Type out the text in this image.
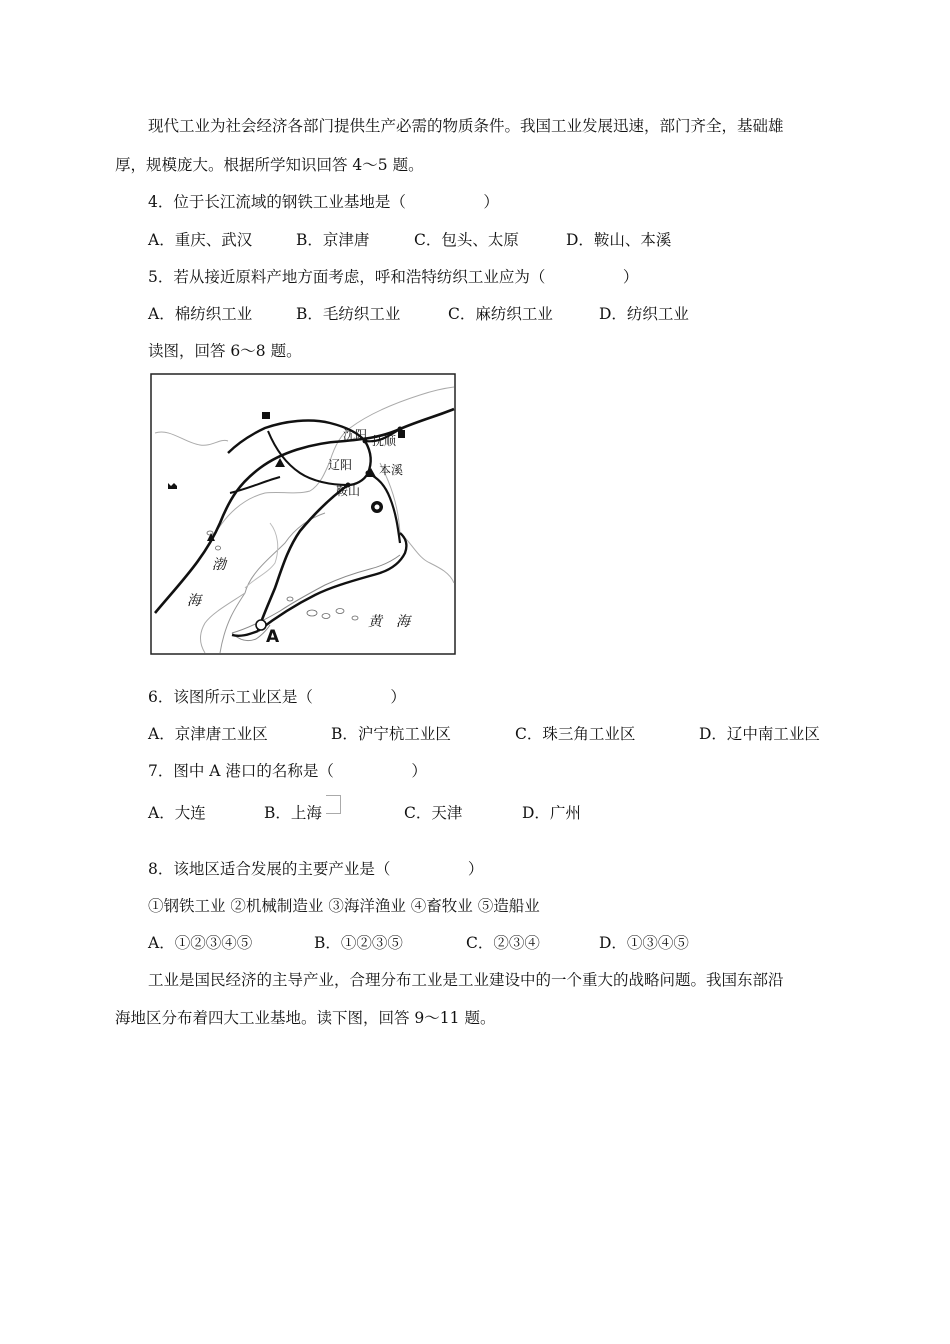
现代工业为社会经济各部门提供生产必需的物质条件。我国工业发展迅速，部门齐全，基础雄
厚，规模庞大。根据所学知识回答 4～5 题。
4．位于长江流域的钢铁工业基地是（　　　　　）
A．重庆、武汉	B．京津唐	C．包头、太原	D．鞍山、本溪
5．若从接近原料产地方面考虑，呼和浩特纺织工业应为（　　　　　）
A．棉纺织工业	B．毛纺织工业	C．麻纺织工业	D．纺织工业
读图，回答 6～8 题。
A
沈阳 抚顺
辽阳 本溪
鞍山
渤
海
黄　海
6．该图所示工业区是（　　　　　）
A．京津唐工业区	B．沪宁杭工业区	C．珠三角工业区	D．辽中南工业区
7．图中 A 港口的名称是（　　　　　）
A．大连	B．上海	C．天津	D．广州
8．该地区适合发展的主要产业是（　　　　　）
①钢铁工业 ②机械制造业 ③海洋渔业 ④畜牧业 ⑤造船业
A．①②③④⑤	B．①②③⑤	C．②③④	D．①③④⑤
工业是国民经济的主导产业，合理分布工业是工业建设中的一个重大的战略问题。我国东部沿
海地区分布着四大工业基地。读下图，回答 9～11 题。
